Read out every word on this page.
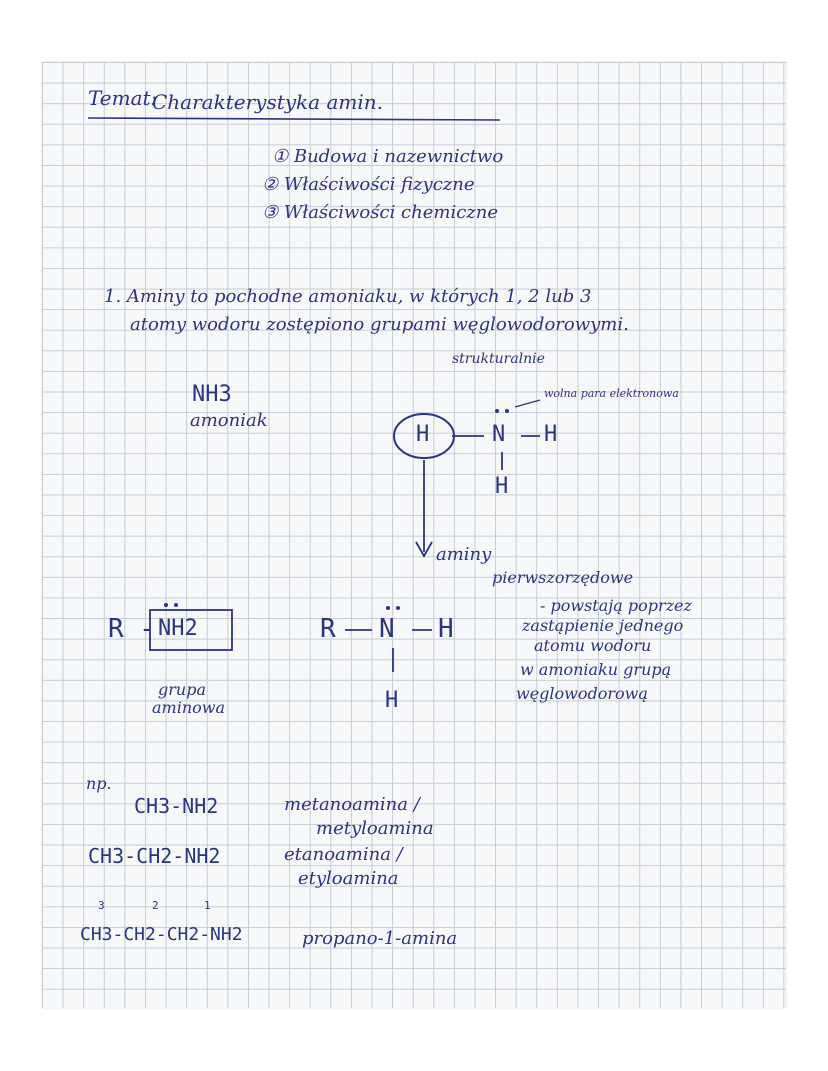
Temat:
Charakterystyka amin.
① Budowa i nazewnictwo
② Właściwości fizyczne
③ Właściwości chemiczne
1. Aminy to pochodne amoniaku, w których 1, 2 lub 3
atomy wodoru zostępiono grupami węglowodorowymi.
strukturalnie
wolna para elektronowa
NH3
amoniak
H	N H
H
aminy
pierwszorzędowe
- powstają poprzez
zastąpienie jednego
atomu wodoru
w amoniaku grupą
węglowodorową
R - NH2
grupa
aminowa
R N H
H
np.
CH3-NH2	metanoamina /
metyloamina
CH3-CH2-NH2	etanoamina /
etyloamina
3	2	1
CH3-CH2-CH2-NH2	propano-1-amina
